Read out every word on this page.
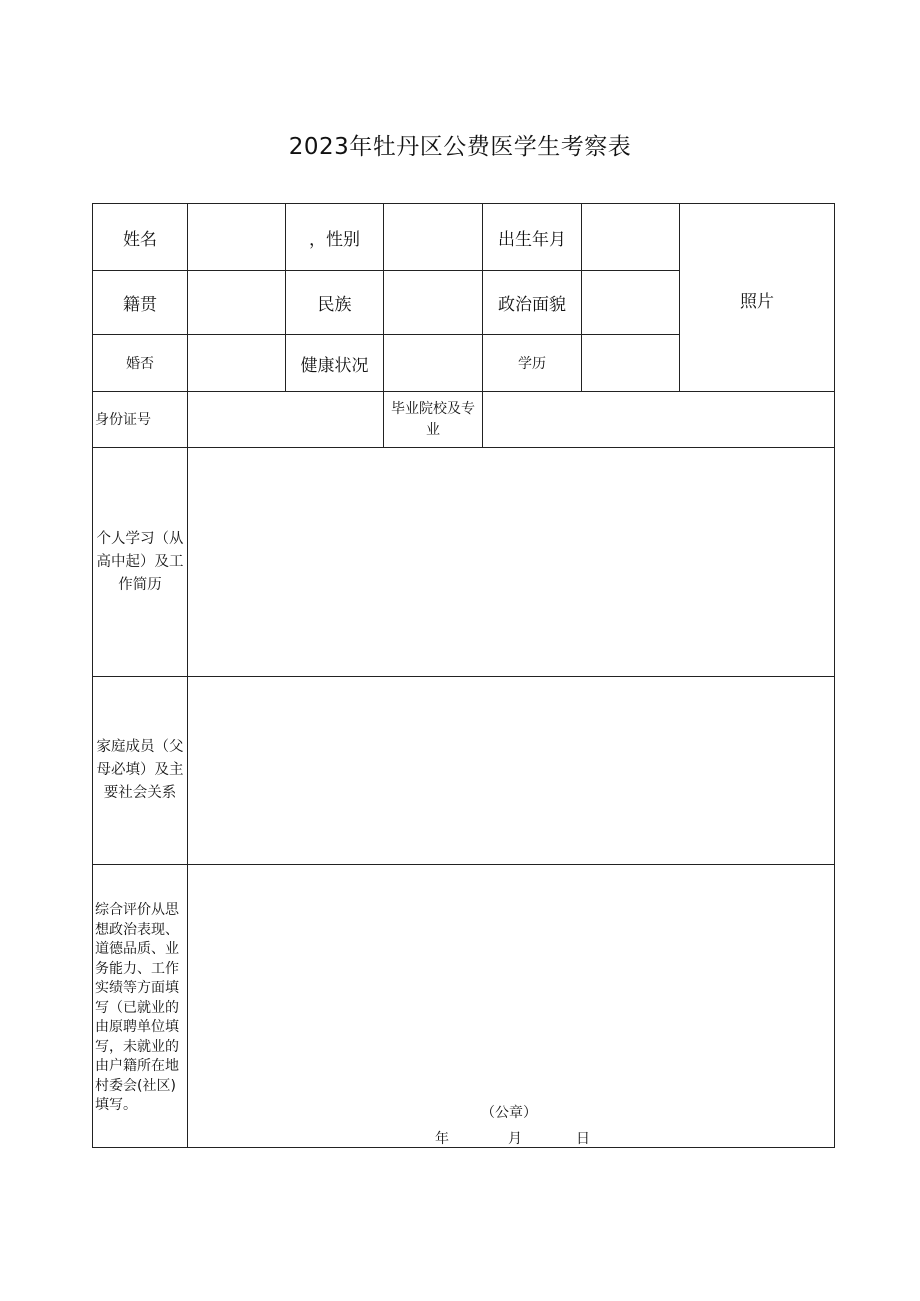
2023年牡丹区公费医学生考察表
姓名		，性别		出生年月		照片
籍贯		民族		政治面貌		
婚否		健康状况		学历		
身份证号			毕业院校及专业			
个人学习（从高中起）及工作简历						
家庭成员（父母必填）及主要社会关系						
综合评价从思想政治表现、道德品质、业务能力、工作实绩等方面填写（已就业的由原聘单位填写，未就业的由户籍所在地村委会(社区)填写。	（公章）
年 月 日					
